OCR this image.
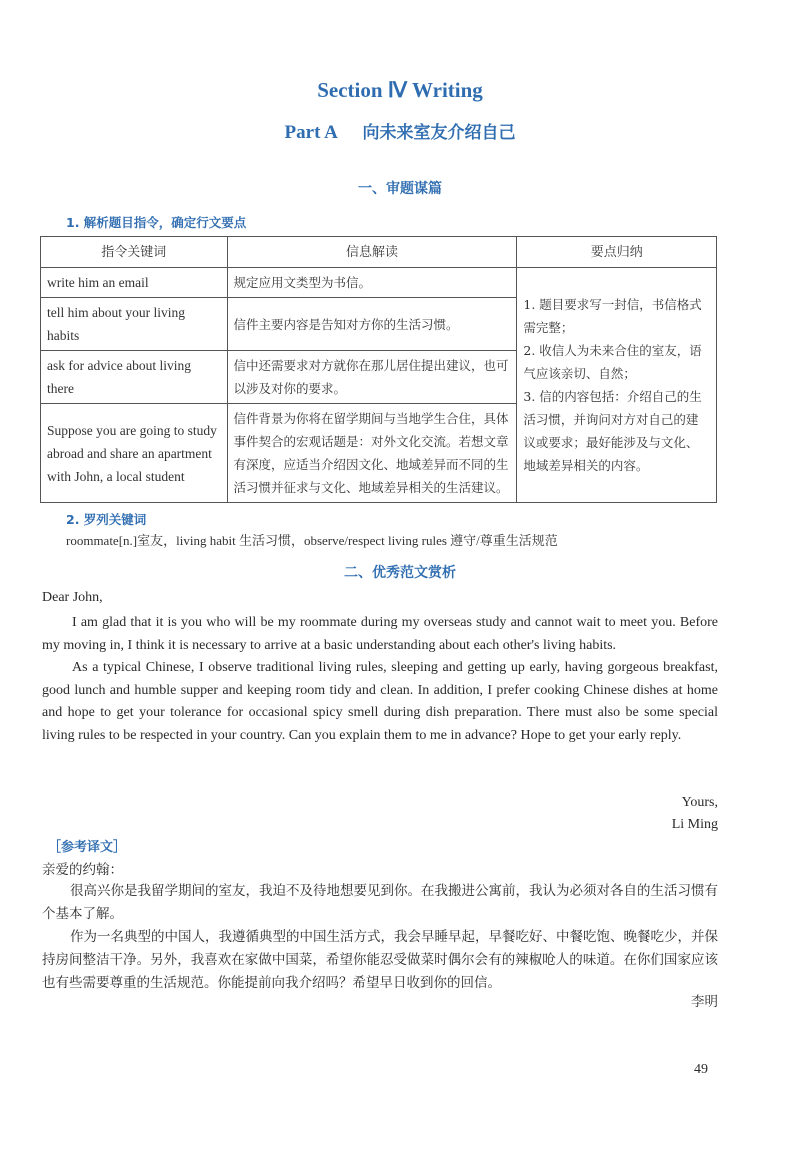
Section Ⅳ Writing
Part A 向未来室友介绍自己
一、审题谋篇
1. 解析题目指令，确定行文要点
指令关键词	信息解读	要点归纳
write him an email	规定应用文类型为书信。	1. 题目要求写一封信，书信格式需完整；
2. 收信人为未来合住的室友，语气应该亲切、自然；
3. 信的内容包括：介绍自己的生活习惯，并询问对方对自己的建议或要求；最好能涉及与文化、地域差异相关的内容。

tell him about your living habits	信件主要内容是告知对方你的生活习惯。	
ask for advice about living there	信中还需要求对方就你在那儿居住提出建议，也可以涉及对你的要求。	
Suppose you are going to study abroad and share an apartment with John, a local student	信件背景为你将在留学期间与当地学生合住，具体事件契合的宏观话题是：对外文化交流。若想文章有深度，应适当介绍因文化、地域差异而不同的生活习惯并征求与文化、地域差异相关的生活建议。	
2. 罗列关键词
roommate[n.]室友，living habit 生活习惯，observe/respect living rules 遵守/尊重生活规范
二、优秀范文赏析
Dear John,

I am glad that it is you who will be my roommate during my overseas study and cannot wait to meet you. Before my moving in, I think it is necessary to arrive at a basic understanding about each other's living habits.

As a typical Chinese, I observe traditional living rules, sleeping and getting up early, having gorgeous breakfast, good lunch and humble supper and keeping room tidy and clean. In addition, I prefer cooking Chinese dishes at home and hope to get your tolerance for occasional spicy smell during dish preparation. There must also be some special living rules to be respected in your country. Can you explain them to me in advance? Hope to get your early reply.

Yours,
Li Ming
［参考译文］
亲爱的约翰：

很高兴你是我留学期间的室友，我迫不及待地想要见到你。在我搬进公寓前，我认为必须对各自的生活习惯有个基本了解。

作为一名典型的中国人，我遵循典型的中国生活方式，我会早睡早起，早餐吃好、中餐吃饱、晚餐吃少，并保持房间整洁干净。另外，我喜欢在家做中国菜，希望你能忍受做菜时偶尔会有的辣椒呛人的味道。在你们国家应该也有些需要尊重的生活规范。你能提前向我介绍吗？希望早日收到你的回信。

李明
49
